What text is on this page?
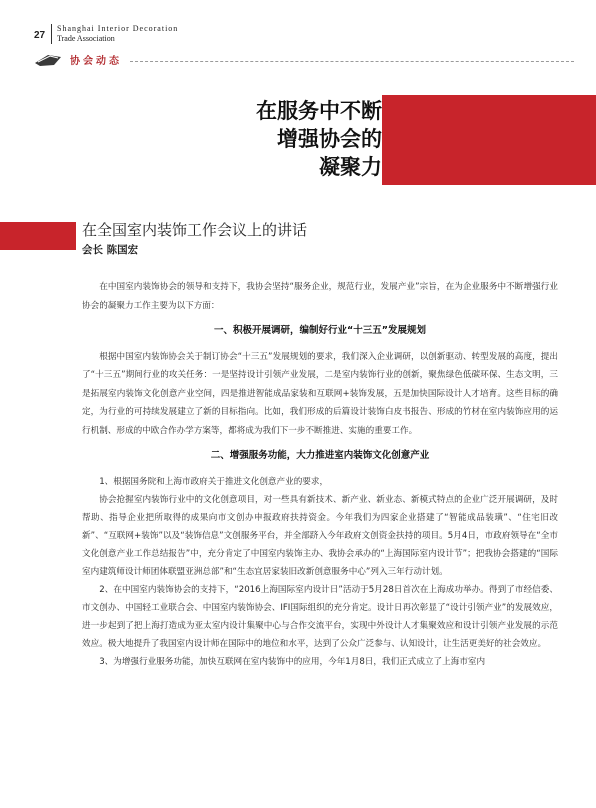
27
Shanghai Interior Decoration
Trade Association
协会动态
在服务中不断
增强协会的
凝聚力
在全国室内装饰工作会议上的讲话
会长 陈国宏

在中国室内装饰协会的领导和支持下，我协会坚持“服务企业，规范行业，发展产业”宗旨，在为企业服务中不断增强行业协会的凝聚力工作主要为以下方面：

一、积极开展调研，编制好行业“十三五”发展规划

根据中国室内装饰协会关于制订协会“十三五”发展规划的要求，我们深入企业调研，以创新驱动、转型发展的高度，提出了“十三五”期间行业的攻关任务：一是坚持设计引领产业发展，二是室内装饰行业的创新，聚焦绿色低碳环保、生态文明，三是拓展室内装饰文化创意产业空间，四是推进智能成品家装和互联网+装饰发展，五是加快国际设计人才培育。这些目标的确定，为行业的可持续发展建立了新的目标指向。比如，我们形成的后篇设计装饰白皮书报告、形成的竹材在室内装饰应用的运行机制、形成的中欧合作办学方案等，都将成为我们下一步不断推进、实施的重要工作。

二、增强服务功能，大力推进室内装饰文化创意产业

1、根据国务院和上海市政府关于推进文化创意产业的要求，

协会抢握室内装饰行业中的文化创意项目，对一些具有新技术、新产业、新业态、新模式特点的企业广泛开展调研，及时帮助、指导企业把所取得的成果向市文创办申报政府扶持资金。今年我们为四家企业搭建了“智能成品装璜”、“住宅旧改新”、“互联网+装饰”以及“装饰信息”文创服务平台，并全部跻入今年政府文创资金扶持的项目。5月4日，市政府领导在“全市文化创意产业工作总结报告”中，充分肯定了中国室内装饰主办、我协会承办的“上海国际室内设计节”；把我协会搭建的“国际室内建筑师设计师团体联盟亚洲总部”和“生态宜居家装旧改新创意服务中心”列入三年行动计划。

2、在中国室内装饰协会的支持下，“2016上海国际室内设计日”活动于5月28日首次在上海成功举办。得到了市经信委、市文创办、中国轻工业联合会、中国室内装饰协会、IFI国际组织的充分肯定。设计日再次彰显了“设计引领产业”的发展效应，进一步起到了把上海打造成为亚太室内设计集聚中心与合作交流平台，实现中外设计人才集聚效应和设计引领产业发展的示范效应。极大地提升了我国室内设计师在国际中的地位和水平，达到了公众广泛参与、认知设计，让生活更美好的社会效应。

3、为增强行业服务功能，加快互联网在室内装饰中的应用，今年1月8日，我们正式成立了上海市室内
